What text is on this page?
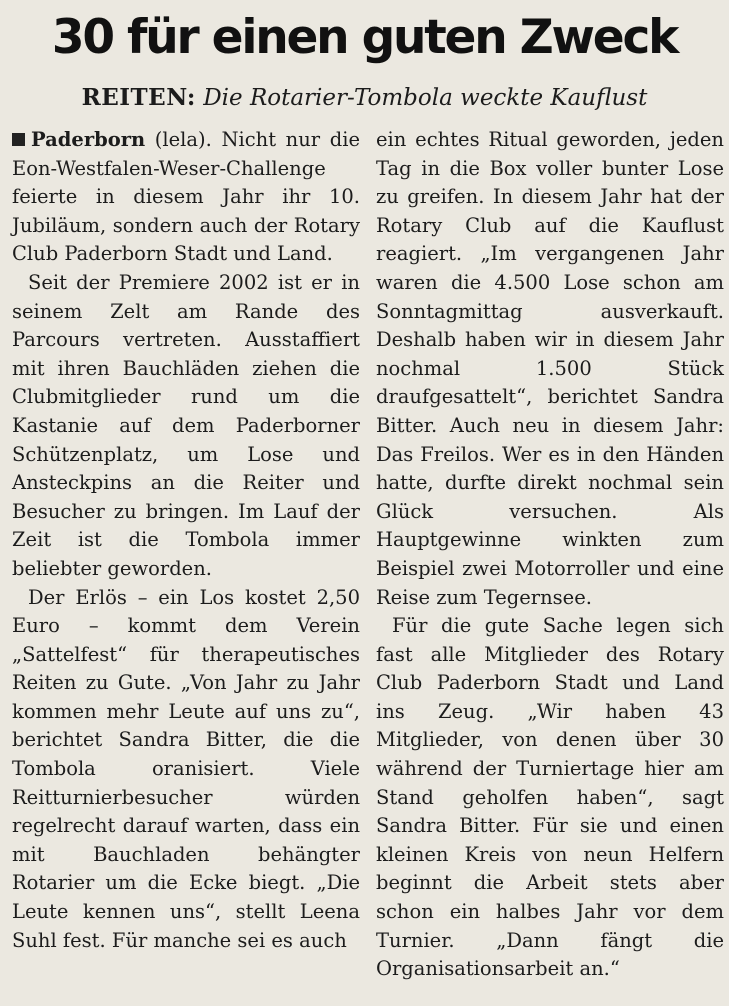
30 für einen guten Zweck
REITEN: Die Rotarier-Tombola weckte Kauflust

Paderborn (lela). Nicht nur die Eon-Westfalen-Weser-Challenge feierte in diesem Jahr ihr 10. Jubiläum, sondern auch der Rotary Club Paderborn Stadt und Land.

Seit der Premiere 2002 ist er in seinem Zelt am Rande des Parcours vertreten. Ausstaffiert mit ihren Bauchläden ziehen die Clubmitglieder rund um die Kastanie auf dem Paderborner Schützenplatz, um Lose und Ansteckpins an die Reiter und Besucher zu bringen. Im Lauf der Zeit ist die Tombola immer beliebter geworden.

Der Erlös – ein Los kostet 2,50 Euro – kommt dem Verein „Sattelfest“ für therapeutisches Reiten zu Gute. „Von Jahr zu Jahr kommen mehr Leute auf uns zu“, berichtet Sandra Bitter, die die Tombola oranisiert. Viele Reitturnierbesucher würden regelrecht darauf warten, dass ein mit Bauchladen behängter Rotarier um die Ecke biegt. „Die Leute kennen uns“, stellt Leena Suhl fest. Für manche sei es auch

ein echtes Ritual geworden, jeden Tag in die Box voller bunter Lose zu greifen. In diesem Jahr hat der Rotary Club auf die Kauflust reagiert. „Im vergangenen Jahr waren die 4.500 Lose schon am Sonntagmittag ausverkauft. Deshalb haben wir in diesem Jahr nochmal 1.500 Stück draufgesattelt“, berichtet Sandra Bitter. Auch neu in diesem Jahr: Das Freilos. Wer es in den Händen hatte, durfte direkt nochmal sein Glück versuchen. Als Hauptgewinne winkten zum Beispiel zwei Motorroller und eine Reise zum Tegernsee.

Für die gute Sache legen sich fast alle Mitglieder des Rotary Club Paderborn Stadt und Land ins Zeug. „Wir haben 43 Mitglieder, von denen über 30 während der Turniertage hier am Stand geholfen haben“, sagt Sandra Bitter. Für sie und einen kleinen Kreis von neun Helfern beginnt die Arbeit stets aber schon ein halbes Jahr vor dem Turnier. „Dann fängt die Organisationsarbeit an.“
